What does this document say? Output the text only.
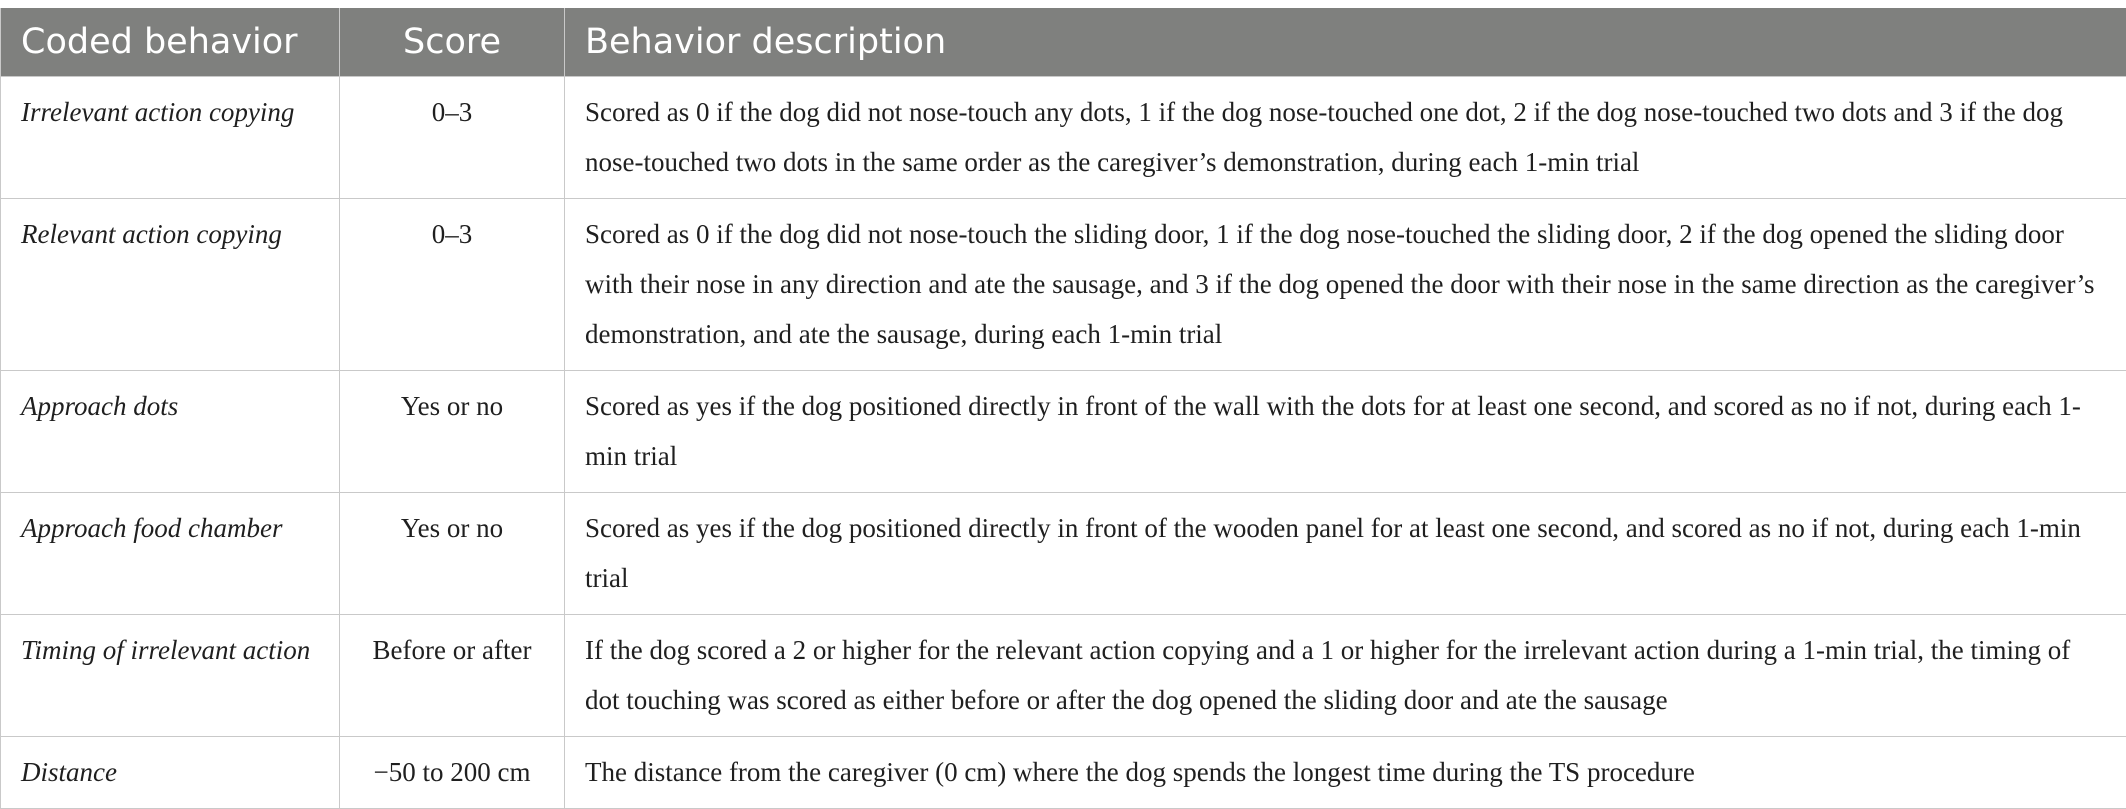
Coded behavior	Score	Behavior description
Irrelevant action copying	0–3	Scored as 0 if the dog did not nose-touch any dots, 1 if the dog nose-touched one dot, 2 if the dog nose-touched two dots and 3 if the dog nose-touched two dots in the same order as the caregiver’s demonstration, during each 1-min trial
Relevant action copying	0–3	Scored as 0 if the dog did not nose-touch the sliding door, 1 if the dog nose-touched the sliding door, 2 if the dog opened the sliding door with their nose in any direction and ate the sausage, and 3 if the dog opened the door with their nose in the same direction as the caregiver’s demonstration, and ate the sausage, during each 1-min trial
Approach dots	Yes or no	Scored as yes if the dog positioned directly in front of the wall with the dots for at least one second, and scored as no if not, during each 1-min trial
Approach food chamber	Yes or no	Scored as yes if the dog positioned directly in front of the wooden panel for at least one second, and scored as no if not, during each 1-min trial
Timing of irrelevant action	Before or after	If the dog scored a 2 or higher for the relevant action copying and a 1 or higher for the irrelevant action during a 1-min trial, the timing of dot touching was scored as either before or after the dog opened the sliding door and ate the sausage
Distance	−50 to 200 cm	The distance from the caregiver (0 cm) where the dog spends the longest time during the TS procedure
